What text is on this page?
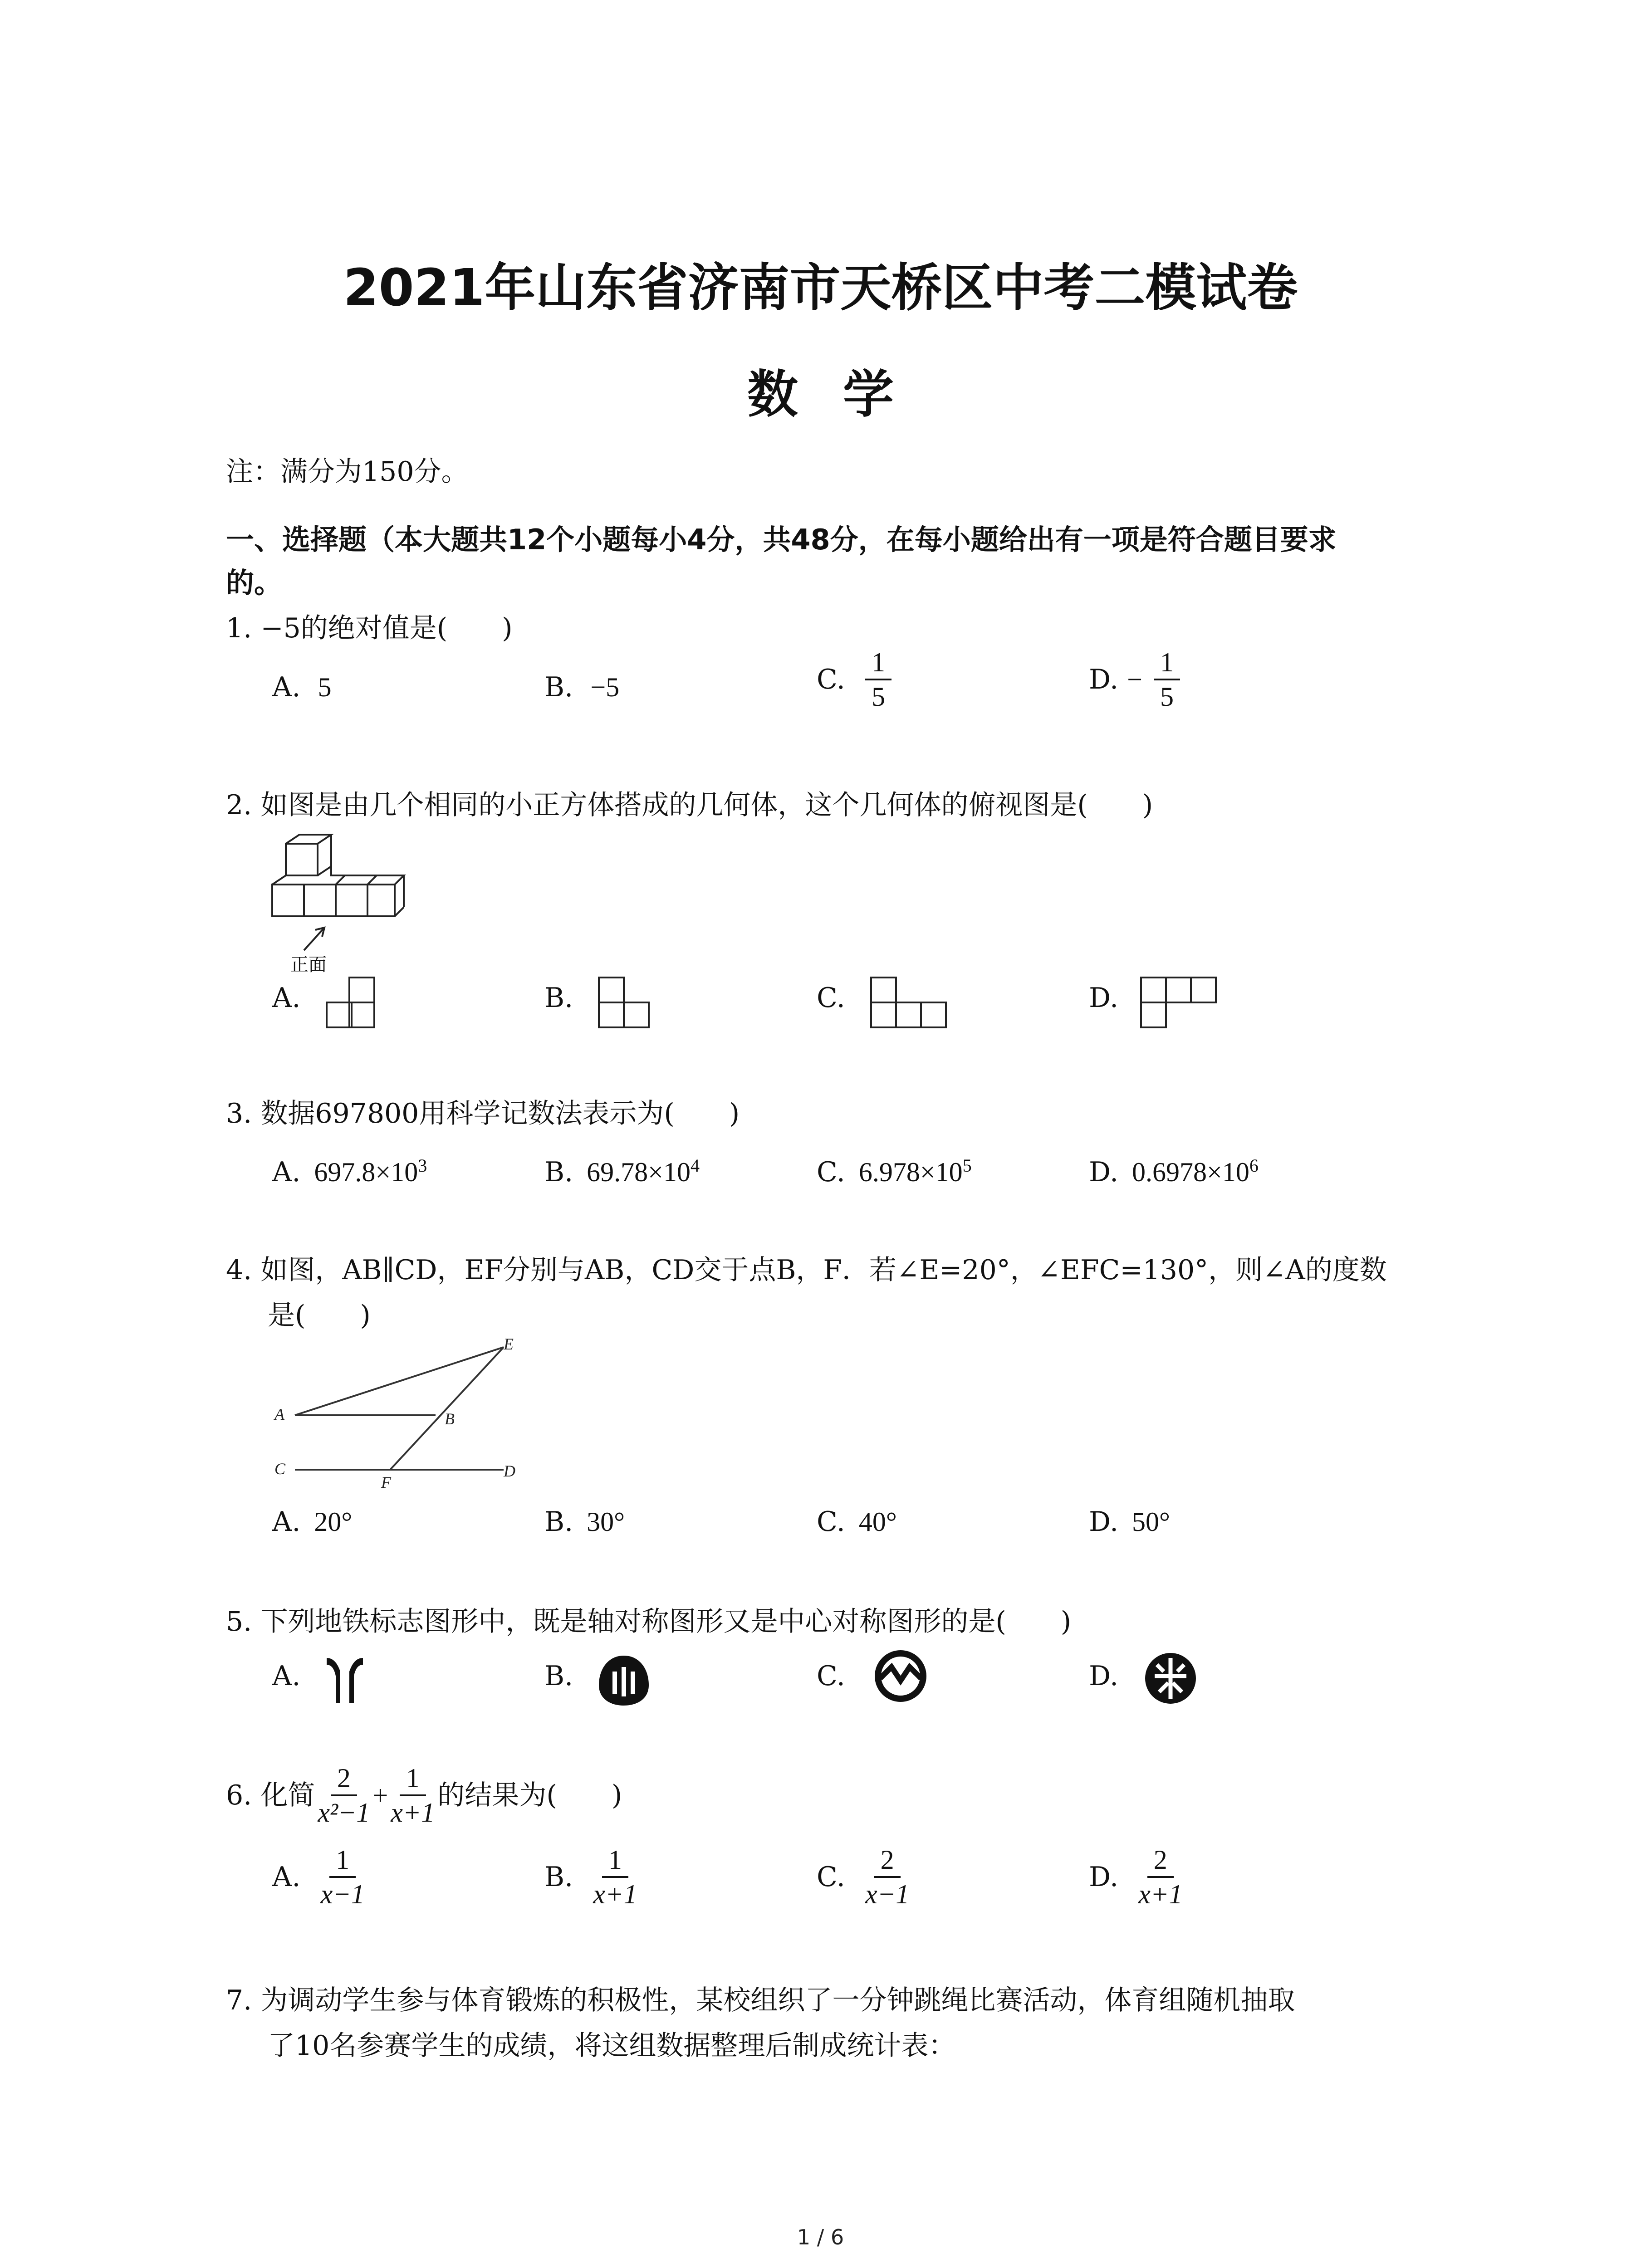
2021年山东省济南市天桥区中考二模试卷
数 学
注：满分为150分。
一、选择题（本大题共12个小题每小4分，共48分，在每小题给出有一项是符合题目要求
的。
1. −5的绝对值是(　　)
A. 5	B. −5	C. $\frac{1}{5}$	D. − $\frac{1}{5}$
2. 如图是由几个相同的小正方体搭成的几何体，这个几何体的俯视图是(　　)
正面
A.	B.	C.	D.
3. 数据697800用科学记数法表示为(　　)
A. $697.8\times 10^3$	B. $69.78\times 10^4$	C. $6.978\times 10^5$	D. $0.6978\times 10^6$
4. 如图，AB∥CD，EF分别与AB，CD交于点B，F．若∠E=20°，∠EFC=130°，则∠A的度数
是(　　)
A	B
C	D
E
F
A. 20°	B. 30°	C. 40°	D. 50°
5. 下列地铁标志图形中，既是轴对称图形又是中心对称图形的是(　　)
A.	B.	C.	D.
6. 化简 $\frac{2}{\text{x²−1}} + \frac{1}{x+1}$ 的结果为(　　)
A. $\frac{1}{x-1}$	B. $\frac{1}{x+1}$	C. $\frac{2}{x-1}$	D. $\frac{2}{x+1}$
7. 为调动学生参与体育锻炼的积极性，某校组织了一分钟跳绳比赛活动，体育组随机抽取
了10名参赛学生的成绩，将这组数据整理后制成统计表：
1 / 6
